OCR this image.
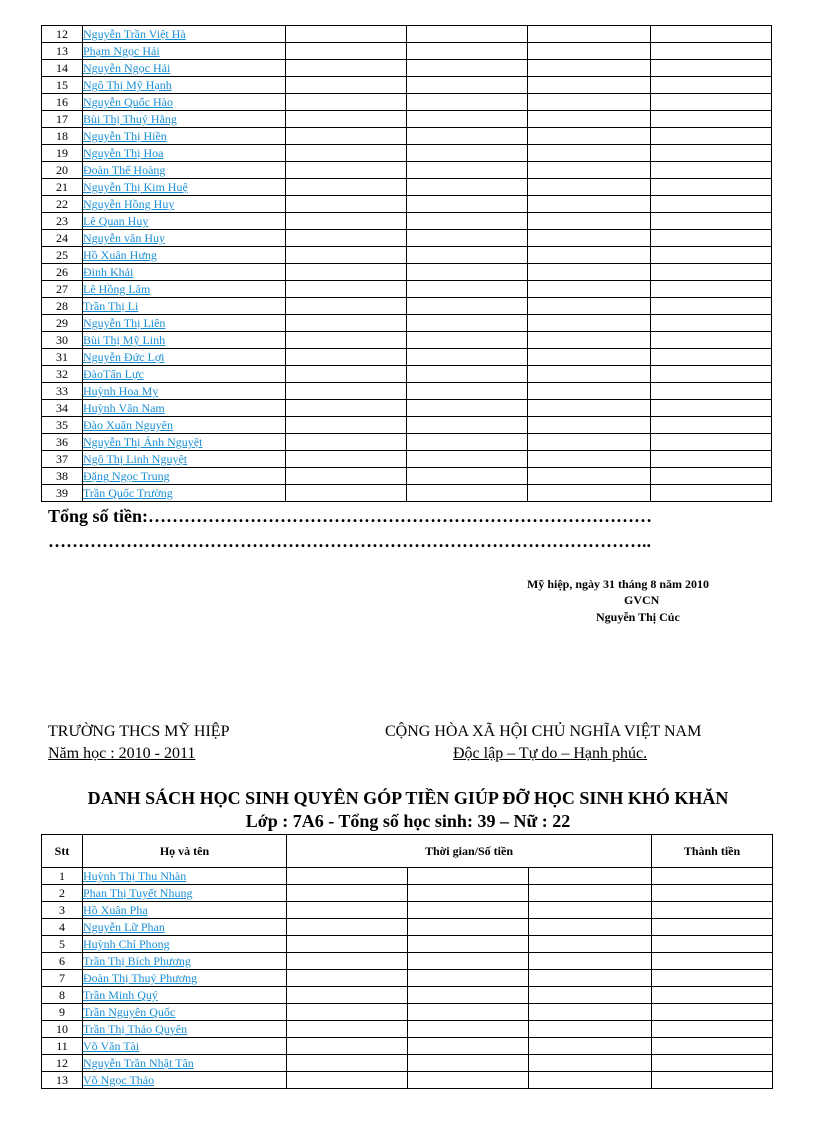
12	Nguyễn Trần Việt Hà				
13	Phạm Ngọc Hải				
14	Nguyễn Ngọc Hải				
15	Ngô Thị Mỹ Hạnh				
16	Nguyễn Quốc Hào				
17	Bùi Thị Thuý Hằng				
18	Nguyễn Thị Hiền				
19	Nguyễn Thị Hoa				
20	Đoàn Thế Hoàng				
21	Nguyễn Thị Kim Huệ				
22	Nguyễn Hồng Huy				
23	Lê Quan Huy				
24	Nguyễn văn Huy				
25	Hồ Xuân Hưng				
26	Đinh Khải				
27	Lê Hồng Lâm				
28	Trần Thị Li				
29	Nguyễn Thị Liên				
30	Bùi Thị Mỹ Linh				
31	Nguyễn Đức Lợi				
32	ĐàoTấn Lực				
33	Huỳnh Hoa My				
34	Huỳnh Văn Nam				
35	Đào Xuân Nguyên				
36	Nguyễn Thị Ánh Nguyệt				
37	Ngô Thị Linh Nguyệt				
38	Đặng Ngọc Trung				
39	Trần Quốc Trường				
Tổng số tiền:…………………………………………………………………………
………………………………………………………………………………………..
Mỹ hiệp, ngày 31 tháng 8 năm 2010
GVCN
Nguyễn Thị Cúc
TRƯỜNG THCS MỸ HIỆP
Năm học : 2010 - 2011
CỘNG HÒA XÃ HỘI CHỦ NGHĨA VIỆT NAM
Độc lập – Tự do – Hạnh phúc.
DANH SÁCH HỌC SINH QUYÊN GÓP TIỀN GIÚP ĐỠ HỌC SINH KHÓ KHĂN
Lớp : 7A6 - Tổng số học sinh: 39 – Nữ : 22
Stt	Họ và tên	Thời gian/Số tiền			Thành tiền
1	Huỳnh Thị Thu Nhàn				
2	Phan Thị Tuyết Nhung				
3	Hồ Xuân Pha				
4	Nguyễn Lữ Phan				
5	Huỳnh Chí Phong				
6	Trần Thị Bích Phương				
7	Đoàn Thị Thuý Phương				
8	Trần Minh Quý				
9	Trần Nguyên Quốc				
10	Trần Thị Thảo Quyên				
11	Võ Văn Tài				
12	Nguyễn Trần Nhật Tân				
13	Võ Ngọc Thảo				
